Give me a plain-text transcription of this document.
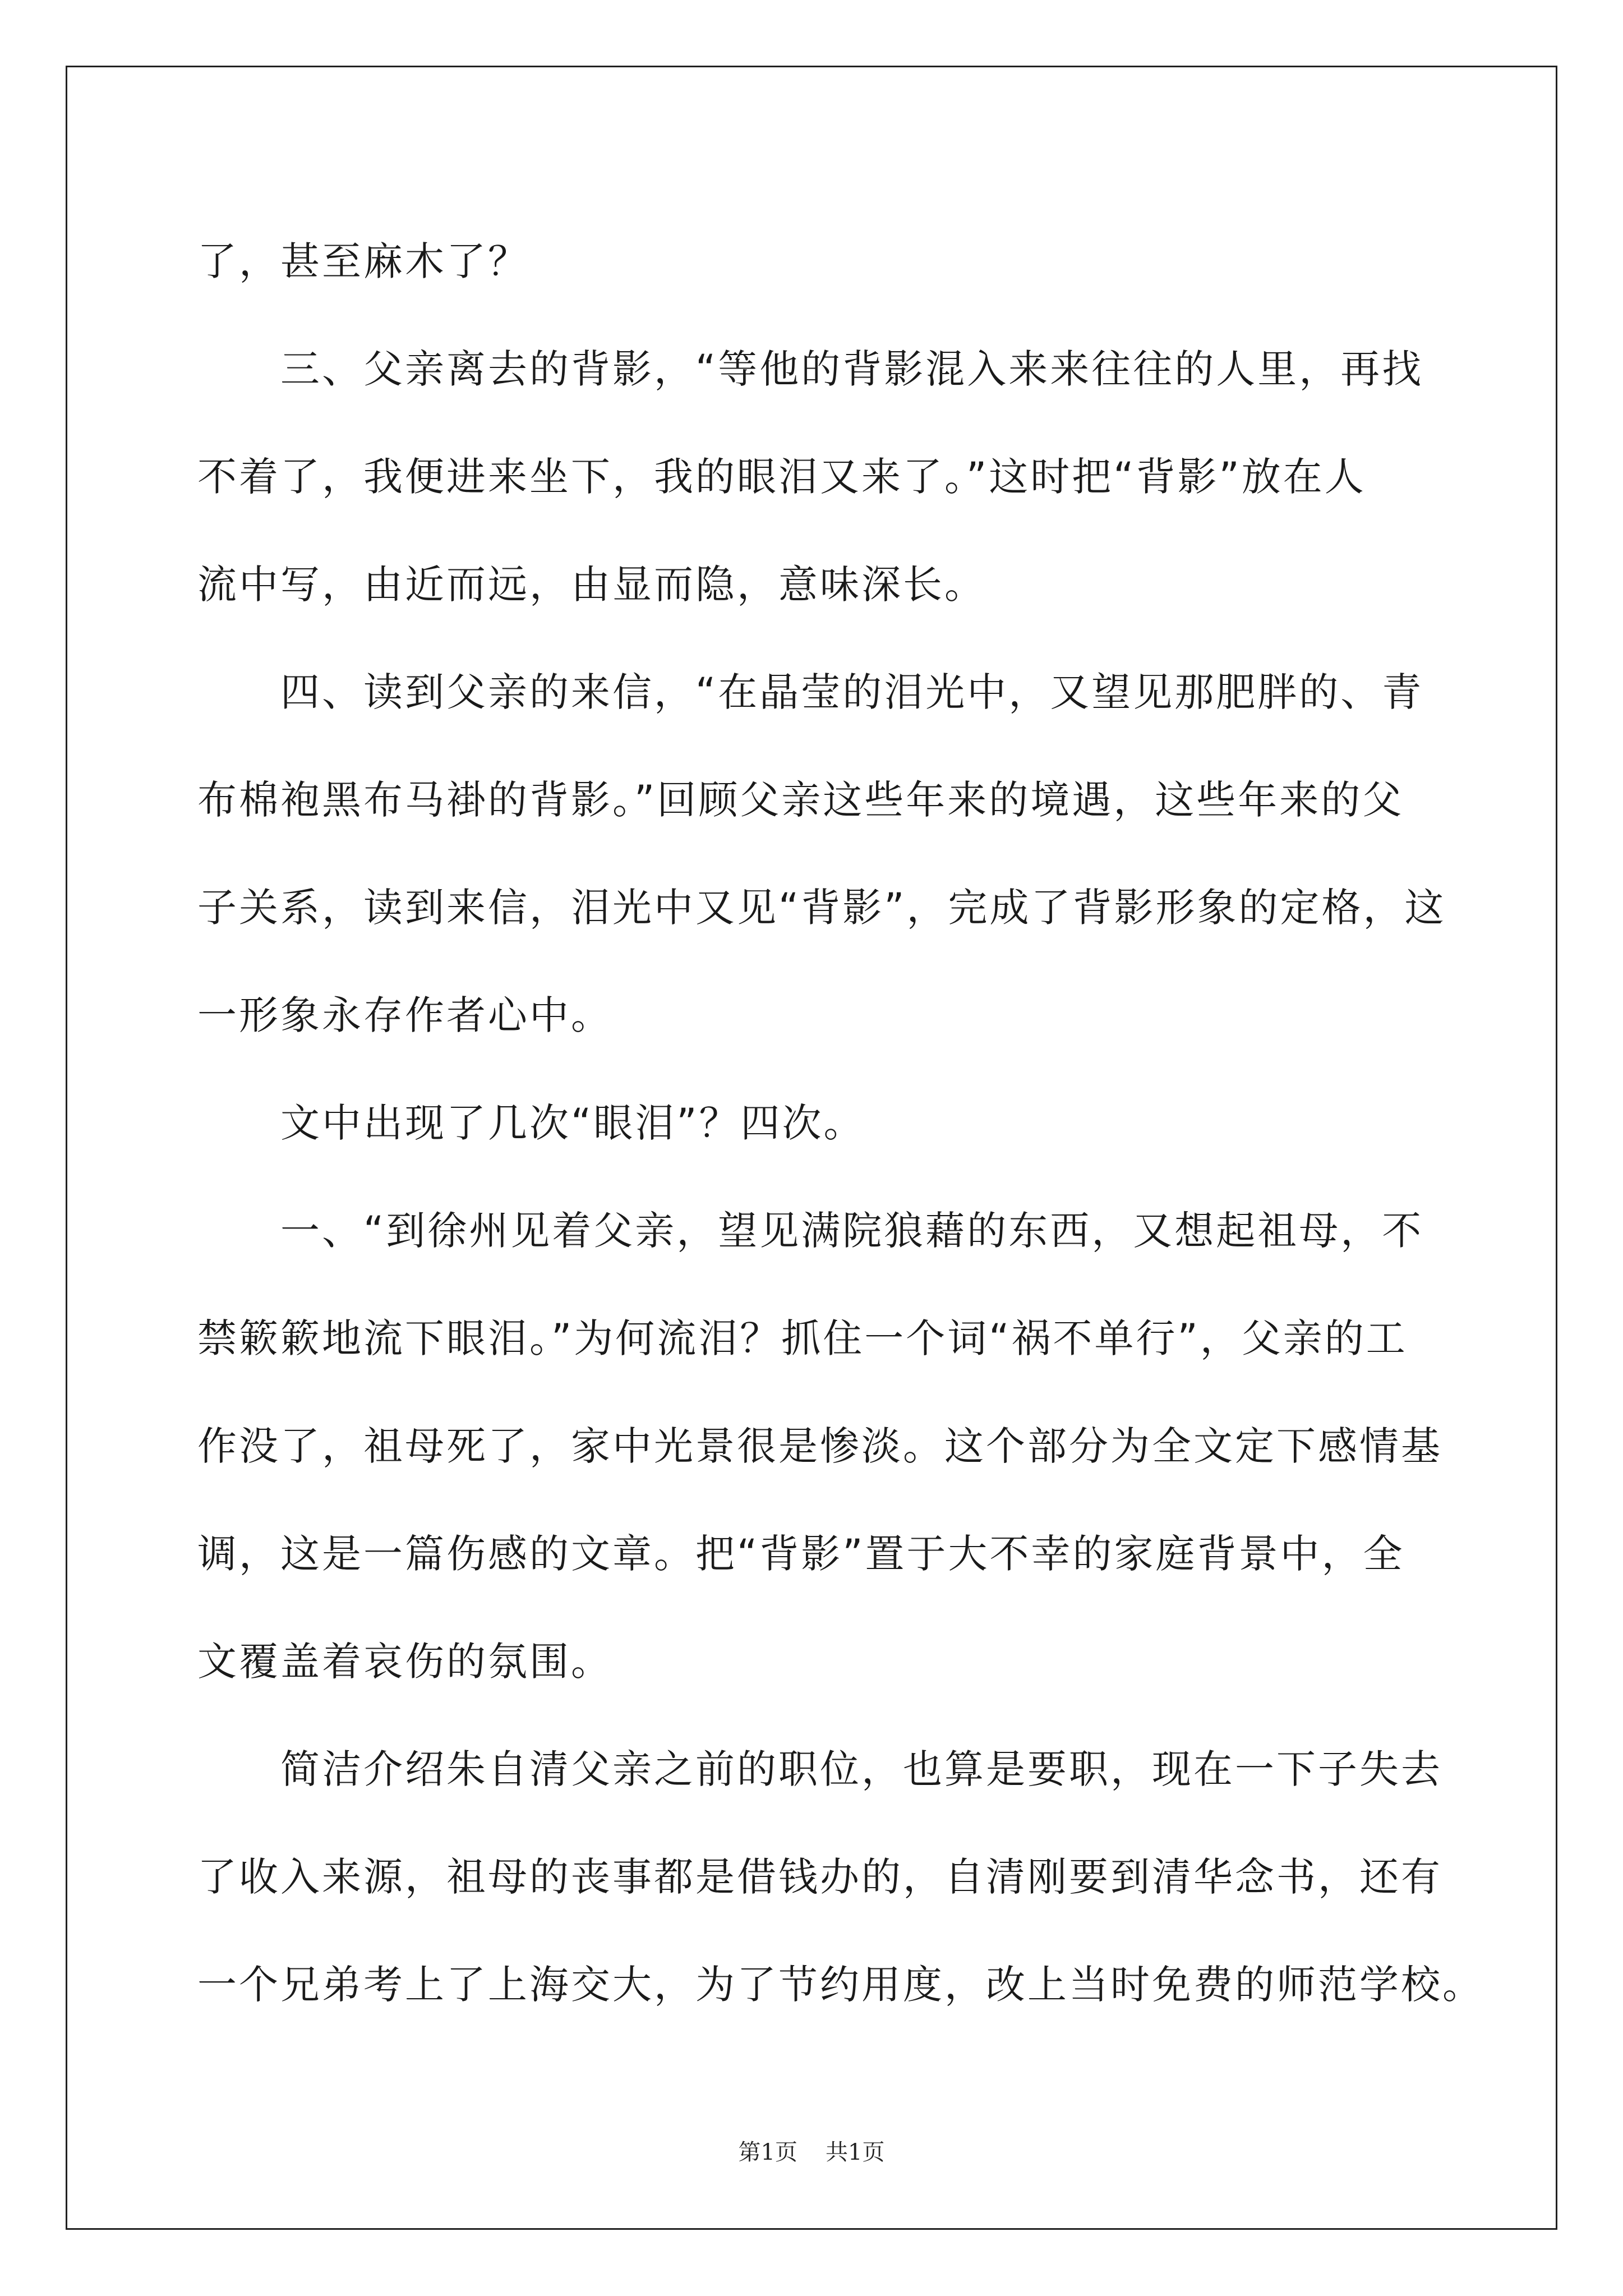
了，甚至麻木了？
三、父亲离去的背影，“等他的背影混入来来往往的人里，再找
不着了，我便进来坐下，我的眼泪又来了。”这时把“背影”放在人
流中写，由近而远，由显而隐，意味深长。
四、读到父亲的来信，“在晶莹的泪光中，又望见那肥胖的、青
布棉袍黑布马褂的背影。”回顾父亲这些年来的境遇，这些年来的父
子关系，读到来信，泪光中又见“背影”，完成了背影形象的定格，这
一形象永存作者心中。
文中出现了几次“眼泪”？四次。
一、“到徐州见着父亲，望见满院狼藉的东西，又想起祖母，不
禁簌簌地流下眼泪。”为何流泪？抓住一个词“祸不单行”，父亲的工
作没了，祖母死了，家中光景很是惨淡。这个部分为全文定下感情基
调，这是一篇伤感的文章。把“背影”置于大不幸的家庭背景中，全
文覆盖着哀伤的氛围。
简洁介绍朱自清父亲之前的职位，也算是要职，现在一下子失去
了收入来源，祖母的丧事都是借钱办的，自清刚要到清华念书，还有
一个兄弟考上了上海交大，为了节约用度，改上当时免费的师范学校。
第1页 共1页
